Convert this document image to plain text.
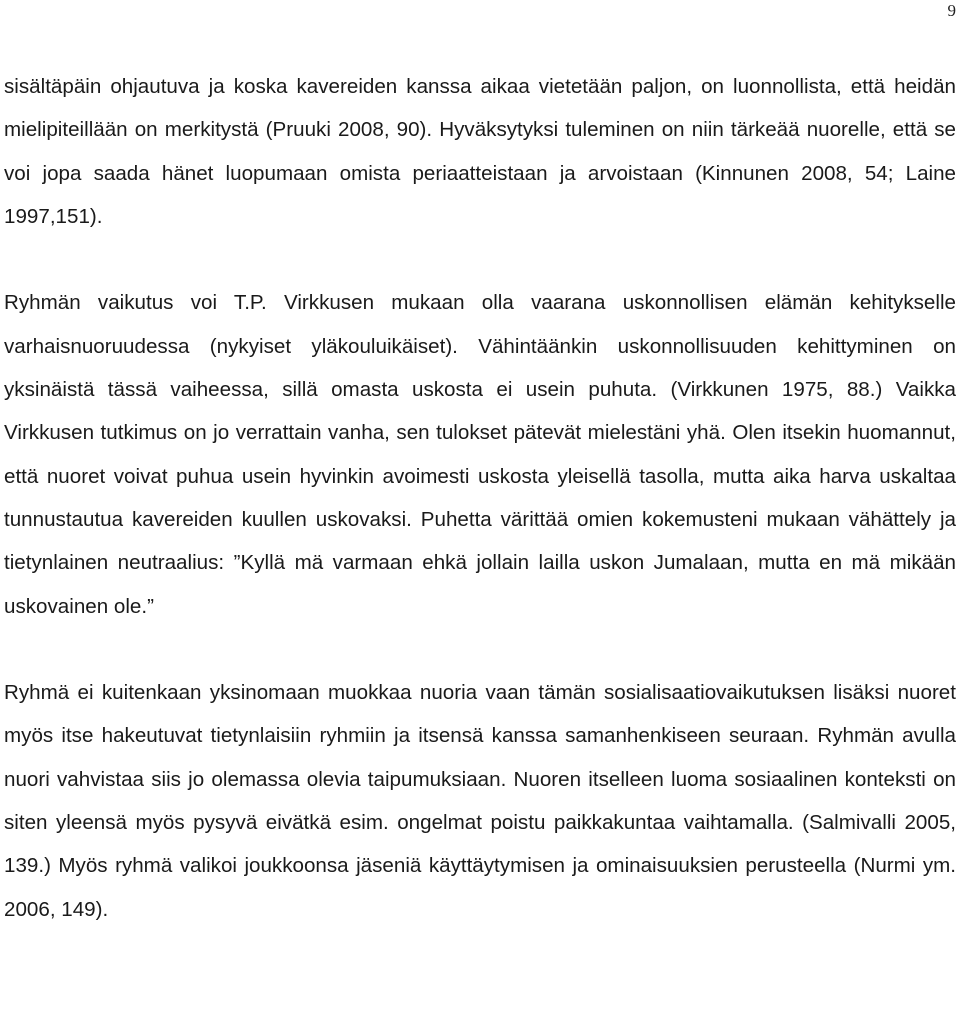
9

sisältäpäin ohjautuva ja koska kavereiden kanssa aikaa vietetään paljon, on luonnollista, että heidän mielipiteillään on merkitystä (Pruuki 2008, 90). Hyväksytyksi tuleminen on niin tärkeää nuorelle, että se voi jopa saada hänet luopumaan omista periaatteistaan ja arvoistaan (Kinnunen 2008, 54; Laine 1997,151).

Ryhmän vaikutus voi T.P. Virkkusen mukaan olla vaarana uskonnollisen elämän kehitykselle varhaisnuoruudessa (nykyiset yläkouluikäiset). Vähintäänkin uskonnollisuuden kehittyminen on yksinäistä tässä vaiheessa, sillä omasta uskosta ei usein puhuta. (Virkkunen 1975, 88.) Vaikka Virkkusen tutkimus on jo verrattain vanha, sen tulokset pätevät mielestäni yhä. Olen itsekin huomannut, että nuoret voivat puhua usein hyvinkin avoimesti uskosta yleisellä tasolla, mutta aika harva uskaltaa tunnustautua kavereiden kuullen uskovaksi. Puhetta värittää omien kokemusteni mukaan vähättely ja tietynlainen neutraalius: ”Kyllä mä varmaan ehkä jollain lailla uskon Jumalaan, mutta en mä mikään uskovainen ole.”

Ryhmä ei kuitenkaan yksinomaan muokkaa nuoria vaan tämän sosialisaatiovaikutuksen lisäksi nuoret myös itse hakeutuvat tietynlaisiin ryhmiin ja itsensä kanssa samanhenkiseen seuraan. Ryhmän avulla nuori vahvistaa siis jo olemassa olevia taipumuksiaan. Nuoren itselleen luoma sosiaalinen konteksti on siten yleensä myös pysyvä eivätkä esim. ongelmat poistu paikkakuntaa vaihtamalla. (Salmivalli 2005, 139.) Myös ryhmä valikoi joukkoonsa jäseniä käyttäytymisen ja ominaisuuksien perusteella (Nurmi ym. 2006, 149).
